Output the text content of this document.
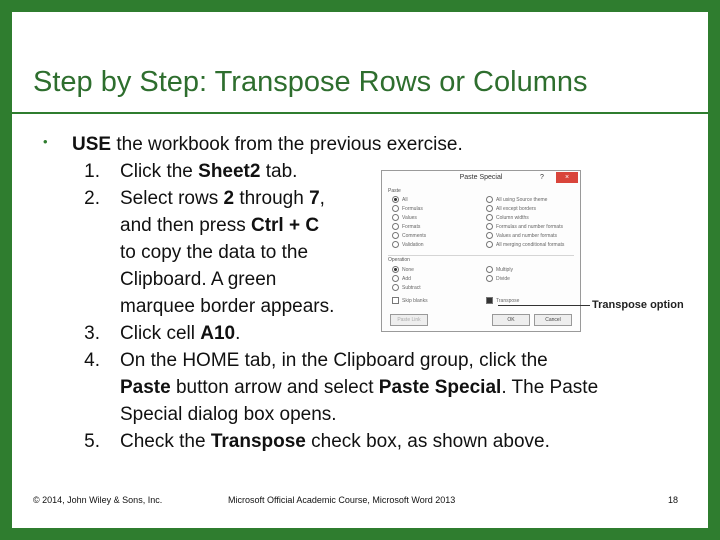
Step by Step: Transpose Rows or Columns
• USE the workbook from the previous exercise.
1. Click the Sheet2 tab.
2. Select rows 2 through 7,
and then press Ctrl + C
to copy the data to the
Clipboard. A green
marquee border appears.
3. Click cell A10.
4. On the HOME tab, in the Clipboard group, click the
Paste button arrow and select Paste Special. The Paste
Special dialog box opens.
5. Check the Transpose check box, as shown above.
Paste Special	?	×
Paste
All
Formulas
Values
Formats
Comments
Validation
All using Source theme
All except borders
Column widths
Formulas and number formats
Values and number formats
All merging conditional formats
Operation
None
Add
Subtract
Multiply
Divide
Skip blanks	Transpose
Paste Link	OK	Cancel
Transpose option
© 2014, John Wiley & Sons, Inc.	Microsoft Official Academic Course, Microsoft Word 2013	18
